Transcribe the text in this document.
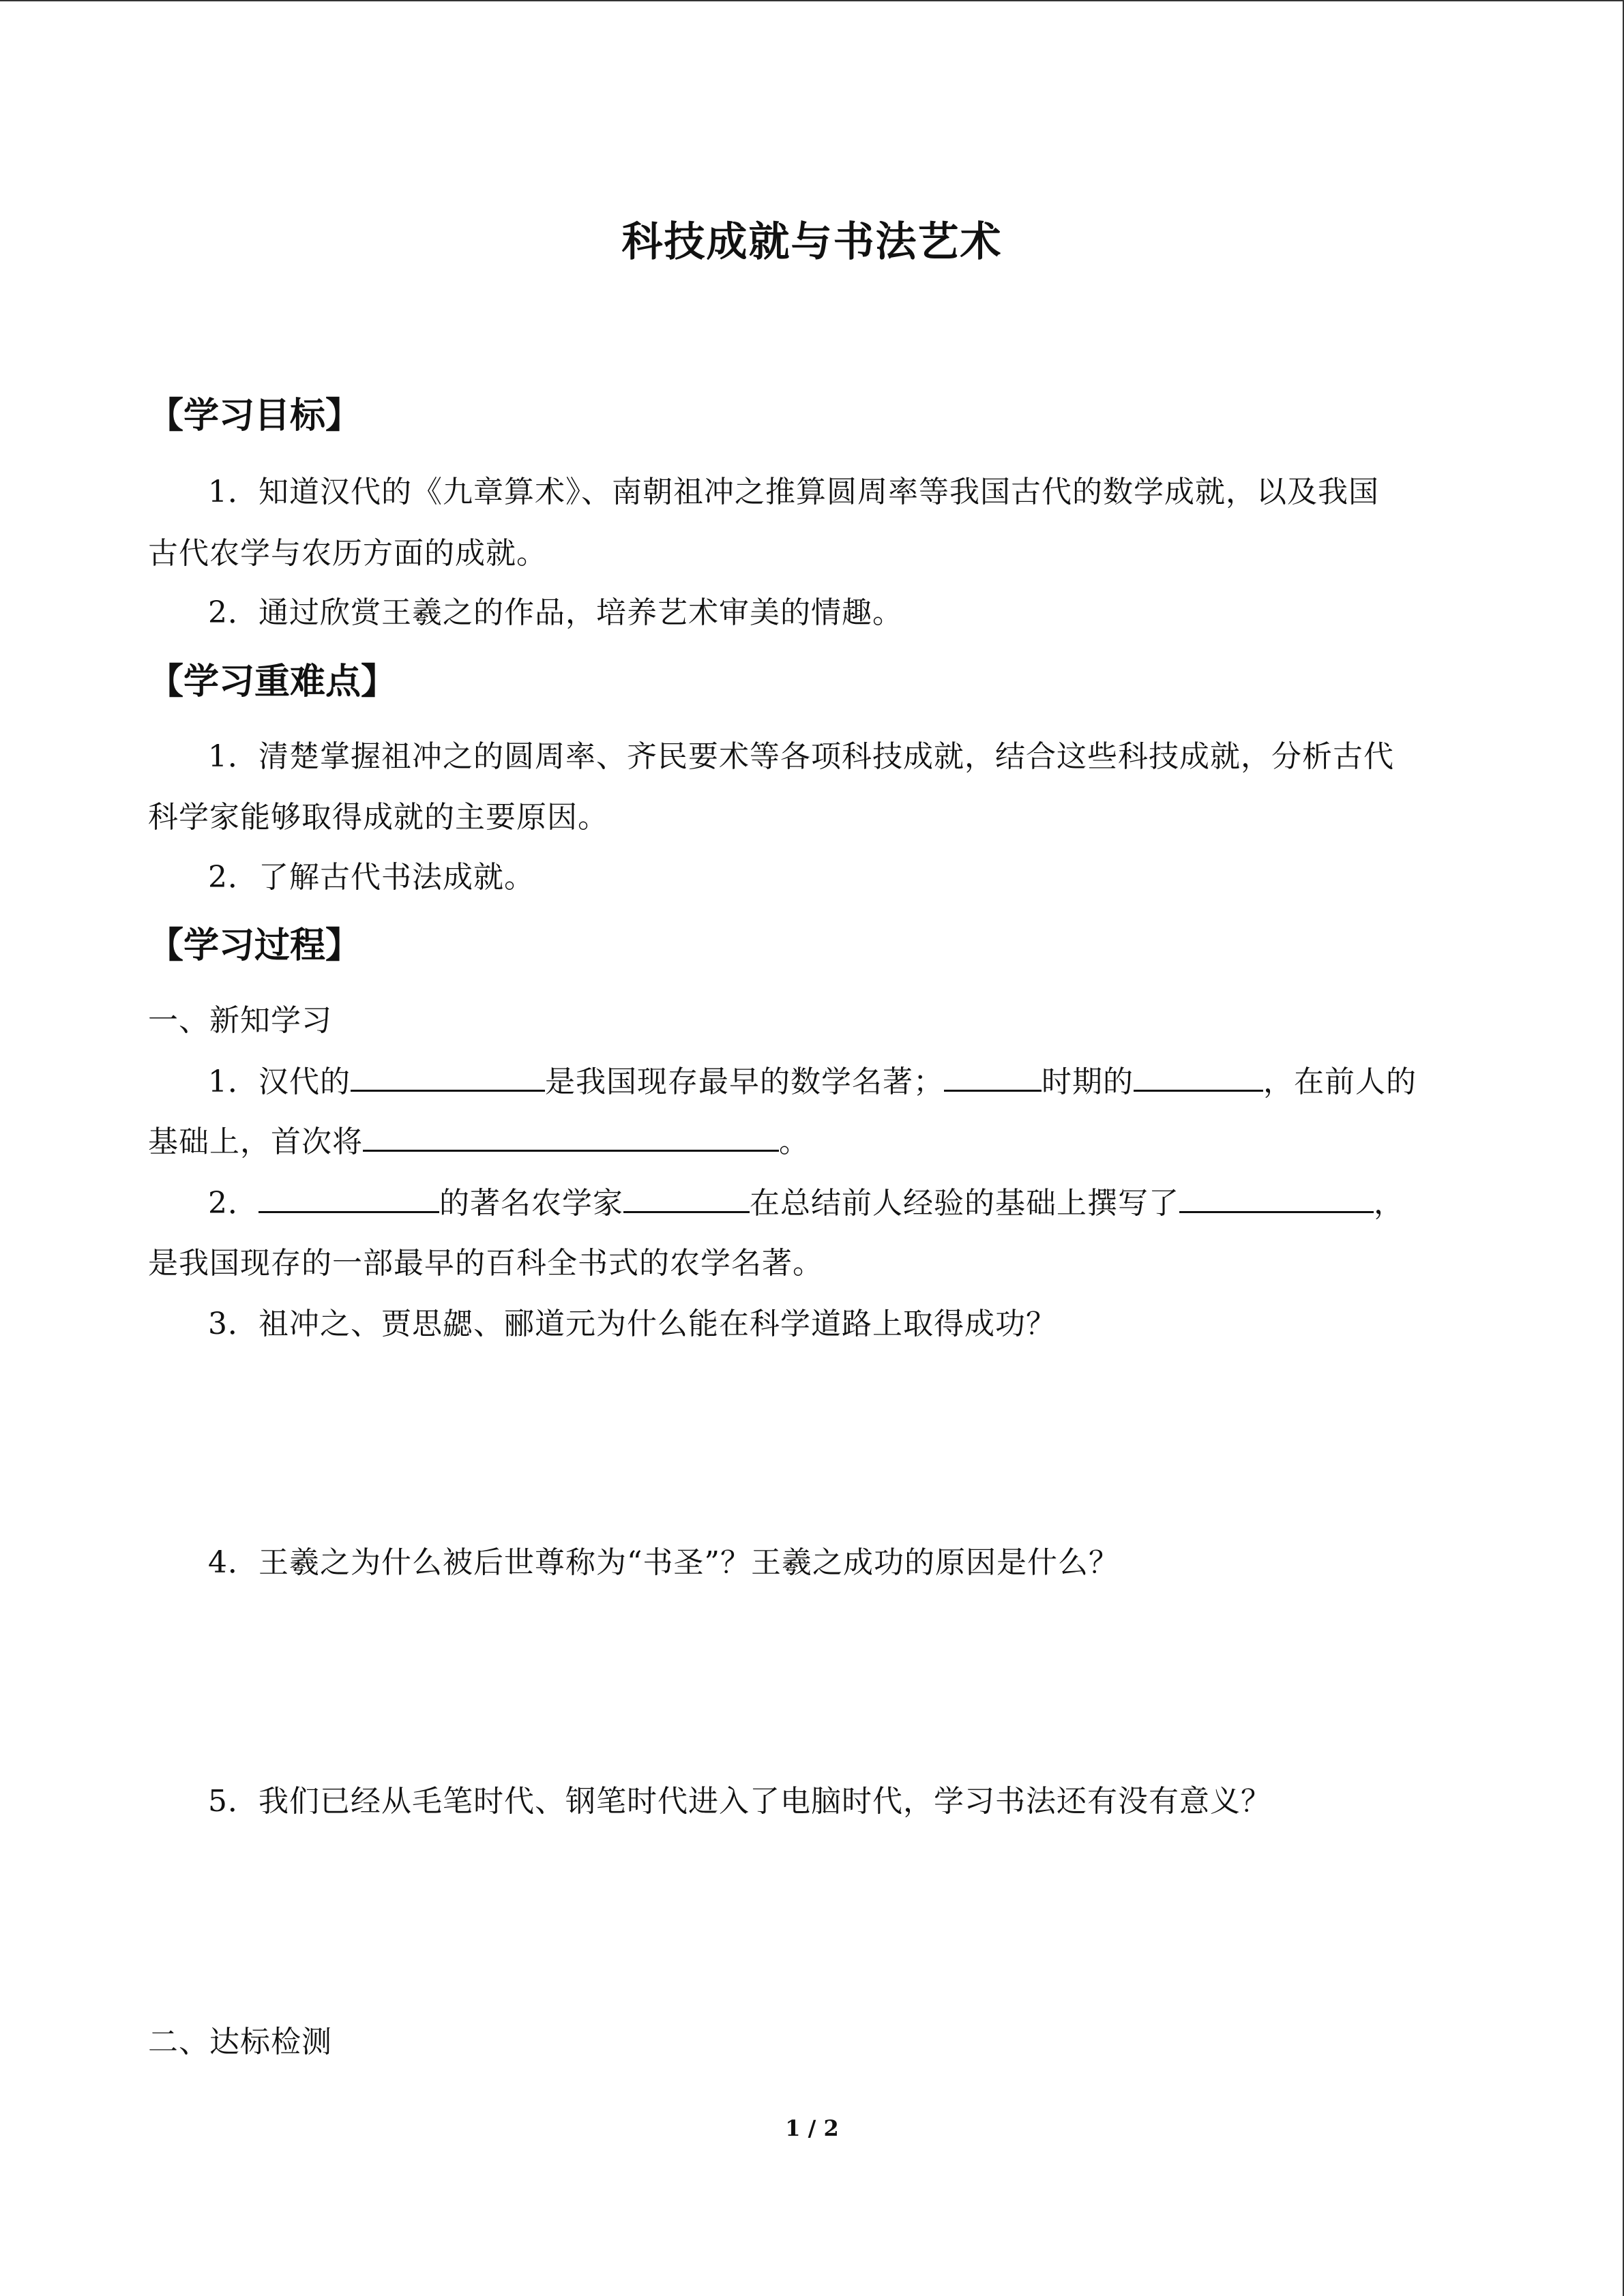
科技成就与书法艺术
【学习目标】
1．知道汉代的《九章算术》、南朝祖冲之推算圆周率等我国古代的数学成就，以及我国
古代农学与农历方面的成就。
2．通过欣赏王羲之的作品，培养艺术审美的情趣。
【学习重难点】
1．清楚掌握祖冲之的圆周率、齐民要术等各项科技成就，结合这些科技成就，分析古代
科学家能够取得成就的主要原因。
2．了解古代书法成就。
【学习过程】
一、新知学习
1．汉代的	是我国现存最早的数学名著；	时期的	，在前人的
基础上，首次将	。
2．	的著名农学家	在总结前人经验的基础上撰写了	，
是我国现存的一部最早的百科全书式的农学名著。
3．祖冲之、贾思勰、郦道元为什么能在科学道路上取得成功？
4．王羲之为什么被后世尊称为“书圣”？王羲之成功的原因是什么？
5．我们已经从毛笔时代、钢笔时代进入了电脑时代，学习书法还有没有意义？
二、达标检测
1 / 2
